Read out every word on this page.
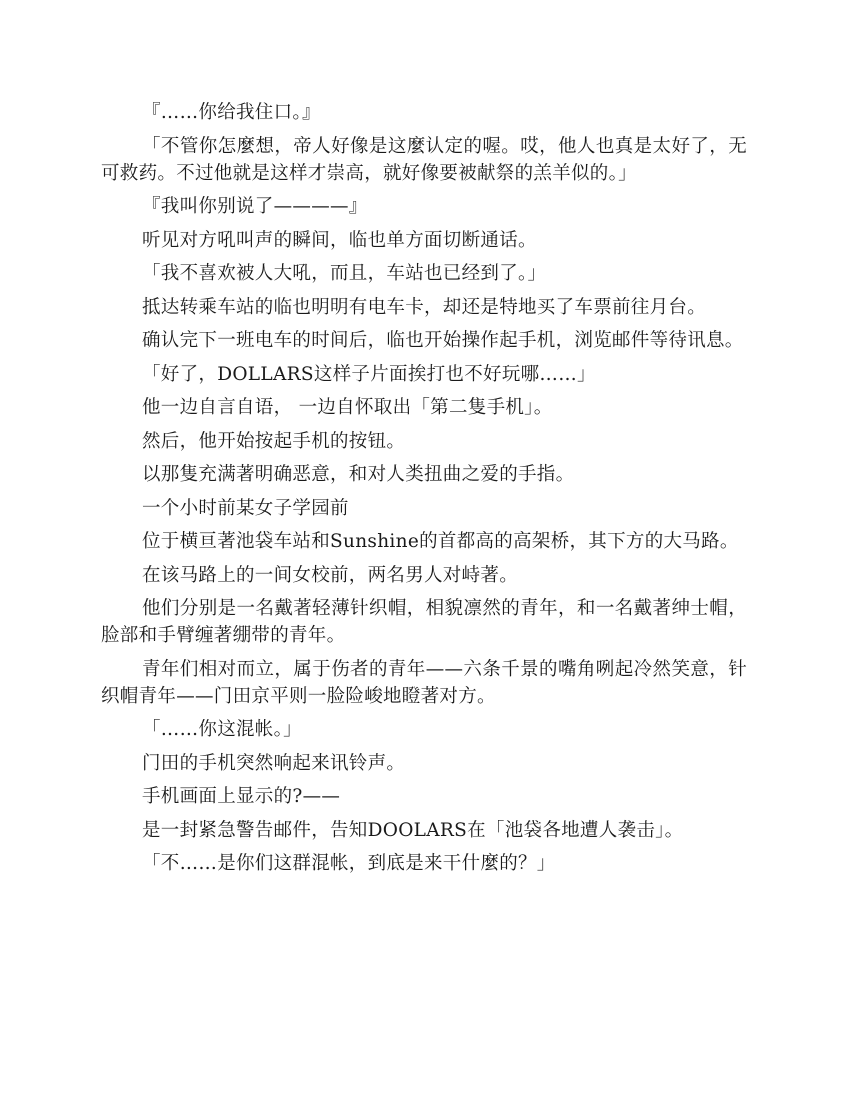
『……你给我住口。』

「不管你怎麼想，帝人好像是这麼认定的喔。哎，他人也真是太好了，无可救药。不过他就是这样才崇高，就好像要被献祭的羔羊似的。」

『我叫你别说了————』

听见对方吼叫声的瞬间，临也单方面切断通话。

「我不喜欢被人大吼，而且，车站也已经到了。」

抵达转乘车站的临也明明有电车卡，却还是特地买了车票前往月台。

确认完下一班电车的时间后，临也开始操作起手机，浏览邮件等待讯息。

「好了，DOLLARS这样子片面挨打也不好玩哪……」

他一边自言自语， 一边自怀取出「第二隻手机」。

然后，他开始按起手机的按钮。

以那隻充满著明确恶意，和对人类扭曲之爱的手指。

一个小时前某女子学园前

位于横亘著池袋车站和Sunshine的首都高的高架桥，其下方的大马路。

在该马路上的一间女校前，两名男人对峙著。

他们分别是一名戴著轻薄针织帽，相貌凛然的青年，和一名戴著绅士帽，脸部和手臂缠著绷带的青年。

青年们相对而立，属于伤者的青年——六条千景的嘴角咧起冷然笑意，针织帽青年——门田京平则一脸险峻地瞪著对方。

「……你这混帐。」

门田的手机突然响起来讯铃声。

手机画面上显示的?——

是一封紧急警告邮件，告知DOOLARS在「池袋各地遭人袭击」。

「不……是你们这群混帐，到底是来干什麼的？」
